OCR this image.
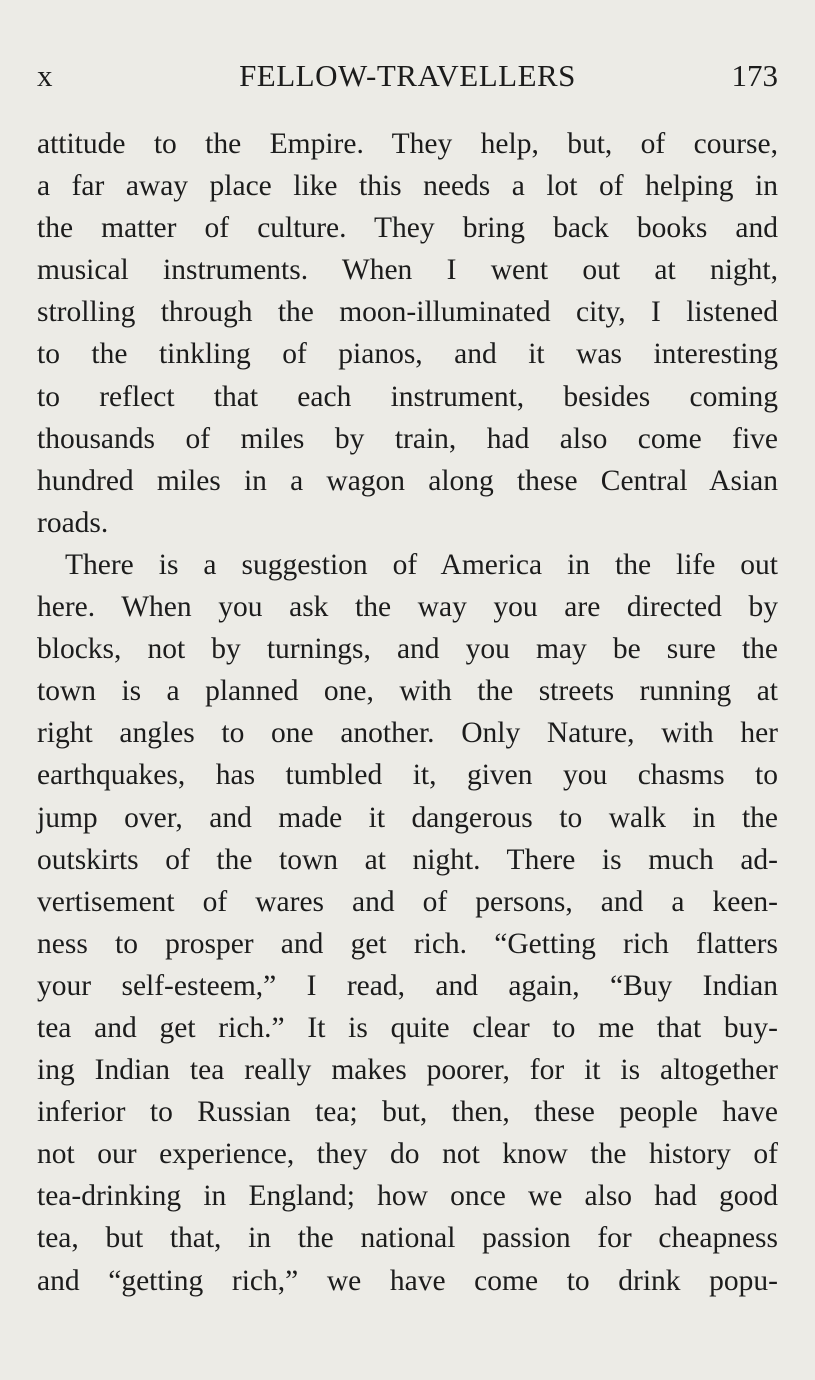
x	FELLOW-TRAVELLERS	173
attitude to the Empire. They help, but, of course,
a far away place like this needs a lot of helping in
the matter of culture. They bring back books and
musical instruments. When I went out at night,
strolling through the moon-illuminated city, I listened
to the tinkling of pianos, and it was interesting
to reflect that each instrument, besides coming
thousands of miles by train, had also come five
hundred miles in a wagon along these Central Asian
roads.
There is a suggestion of America in the life out
here. When you ask the way you are directed by
blocks, not by turnings, and you may be sure the
town is a planned one, with the streets running at
right angles to one another. Only Nature, with her
earthquakes, has tumbled it, given you chasms to
jump over, and made it dangerous to walk in the
outskirts of the town at night. There is much ad-
vertisement of wares and of persons, and a keen-
ness to prosper and get rich. “Getting rich flatters
your self-esteem,” I read, and again, “Buy Indian
tea and get rich.” It is quite clear to me that buy-
ing Indian tea really makes poorer, for it is altogether
inferior to Russian tea; but, then, these people have
not our experience, they do not know the history of
tea-drinking in England; how once we also had good
tea, but that, in the national passion for cheapness
and “getting rich,” we have come to drink popu-
